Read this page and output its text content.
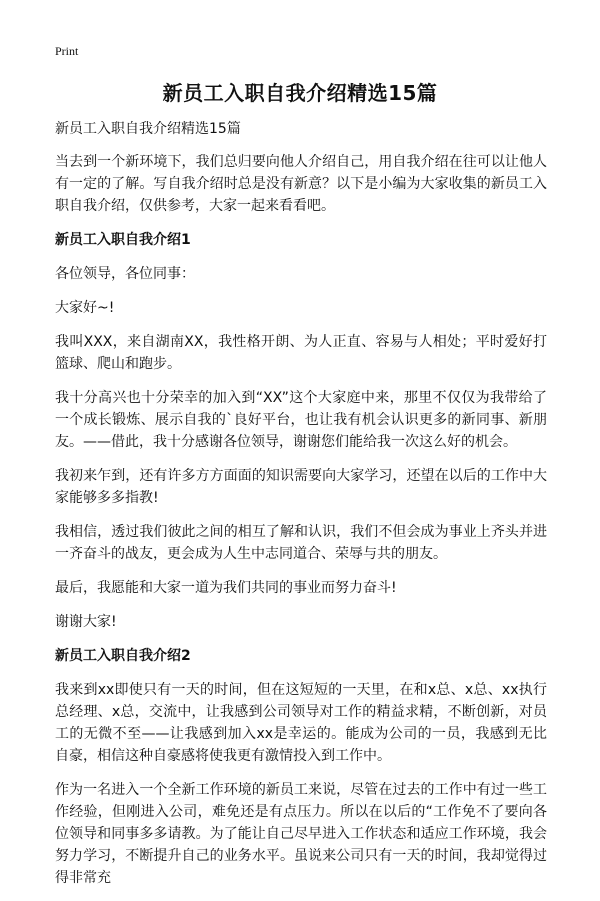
Print
新员工入职自我介绍精选15篇

新员工入职自我介绍精选15篇

当去到一个新环境下，我们总归要向他人介绍自己，用自我介绍在往可以让他人有一定的了解。写自我介绍时总是没有新意？以下是小编为大家收集的新员工入职自我介绍，仅供参考，大家一起来看看吧。

新员工入职自我介绍1

各位领导，各位同事：

大家好~!

我叫XXX，来自湖南XX，我性格开朗、为人正直、容易与人相处；平时爱好打篮球、爬山和跑步。

我十分高兴也十分荣幸的加入到“XX”这个大家庭中来，那里不仅仅为我带给了一个成长锻炼、展示自我的`良好平台，也让我有机会认识更多的新同事、新朋友。——借此，我十分感谢各位领导，谢谢您们能给我一次这么好的机会。

我初来乍到，还有许多方方面面的知识需要向大家学习，还望在以后的工作中大家能够多多指教!

我相信，透过我们彼此之间的相互了解和认识，我们不但会成为事业上齐头并进一齐奋斗的战友，更会成为人生中志同道合、荣辱与共的朋友。

最后，我愿能和大家一道为我们共同的事业而努力奋斗!

谢谢大家!

新员工入职自我介绍2

我来到xx即使只有一天的时间，但在这短短的一天里，在和x总、x总、xx执行总经理、x总，交流中，让我感到公司领导对工作的精益求精，不断创新，对员工的无微不至——让我感到加入xx是幸运的。能成为公司的一员，我感到无比自豪，相信这种自豪感将使我更有激情投入到工作中。

作为一名进入一个全新工作环境的新员工来说，尽管在过去的工作中有过一些工作经验，但刚进入公司，难免还是有点压力。所以在以后的“工作免不了要向各位领导和同事多多请教。为了能让自己尽早进入工作状态和适应工作环境，我会努力学习，不断提升自己的业务水平。虽说来公司只有一天的时间，我却觉得过得非常充
